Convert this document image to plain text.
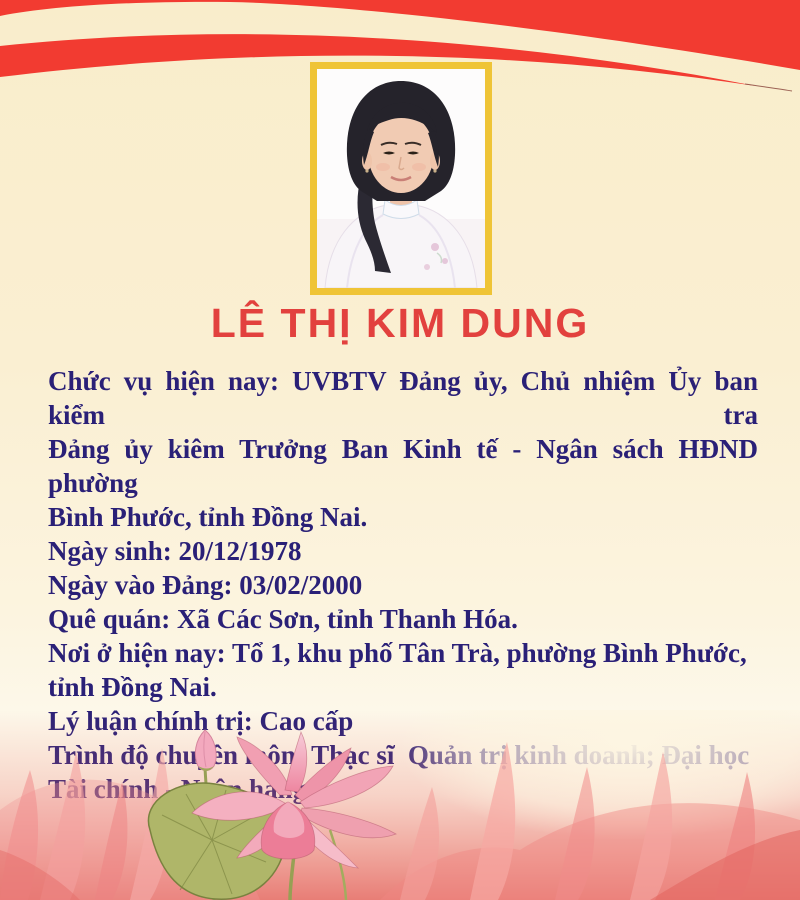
LÊ THỊ KIM DUNG
Chức vụ hiện nay: UVBTV Đảng ủy, Chủ nhiệm Ủy ban kiểm tra
Đảng ủy kiêm Trưởng Ban Kinh tế - Ngân sách HĐND phường
Bình Phước, tỉnh Đồng Nai.
Ngày sinh: 20/12/1978
Ngày vào Đảng: 03/02/2000
Quê quán: Xã Các Sơn, tỉnh Thanh Hóa.
Nơi ở hiện nay: Tổ 1, khu phố Tân Trà, phường Bình Phước,
tỉnh Đồng Nai.
